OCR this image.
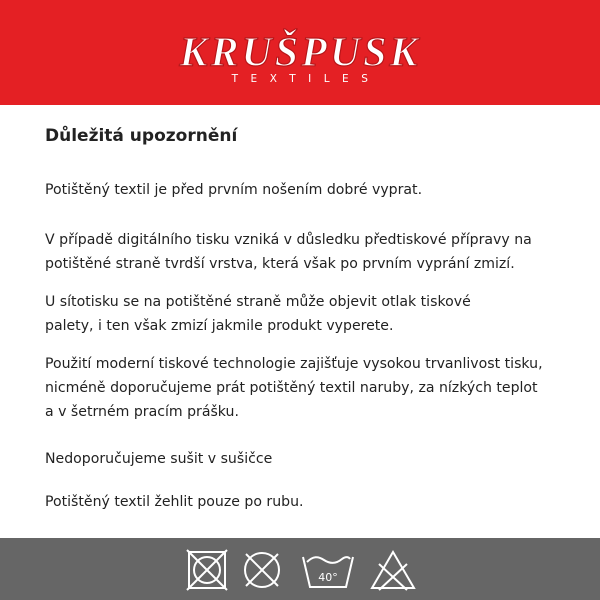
KRUŠPUSK
TEXTILES
Důležitá upozornění
Potištěný textil je před prvním nošením dobré vyprat.
V případě digitálního tisku vzniká v důsledku předtiskové přípravy na
potištěné straně tvrdší vrstva, která však po prvním vyprání zmizí.
U sítotisku se na potištěné straně může objevit otlak tiskové
palety, i ten však zmizí jakmile produkt vyperete.
Použití moderní tiskové technologie zajišťuje vysokou trvanlivost tisku,
nicméně doporučujeme prát potištěný textil naruby, za nízkých teplot
a v šetrném pracím prášku.
Nedoporučujeme sušit v sušičce
Potištěný textil žehlit pouze po rubu.
40°
